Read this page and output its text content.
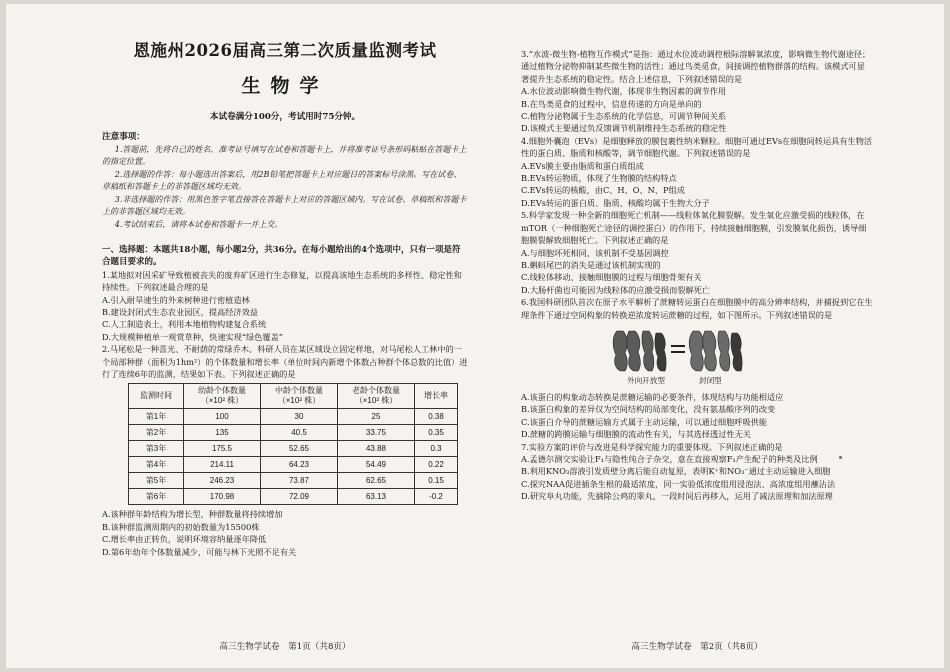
恩施州2026届高三第二次质量监测考试
生物学
本试卷满分100分，考试用时75分钟。
注意事项：

1.答题前，先将自己的姓名、准考证号填写在试卷和答题卡上，并将准考证号条形码粘贴在答题卡上的指定位置。

2.选择题的作答：每小题选出答案后，用2B铅笔把答题卡上对应题目的答案标号涂黑。写在试卷、草稿纸和答题卡上的非答题区域均无效。

3.非选择题的作答：用黑色签字笔直接答在答题卡上对应的答题区域内。写在试卷、草稿纸和答题卡上的非答题区域均无效。

4.考试结束后，请将本试卷和答题卡一并上交。

一、选择题：本题共18小题，每小题2分，共36分。在每小题给出的4个选项中，只有一项是符合题目要求的。

1.某地拟对因采矿导致植被丧失的废弃矿区进行生态修复，以提高该地生态系统的多样性、稳定性和持续性。下列叙述最合理的是

A.引入耐旱速生的外来树种进行密植造林

B.建设封闭式生态农业园区，提高经济效益

C.人工制造表土，利用本地植物构建复合系统

D.大规模种植单一观赏草种，快速实现“绿色覆盖”

2.马尾松是一种喜光、不耐荫的常绿乔木。科研人员在某区域设立固定样地，对马尾松人工林中的一个局部种群（面积为1hm²）的个体数量和增长率（单位时间内新增个体数占种群个体总数的比值）进行了连续6年的监测，结果如下表。下列叙述正确的是

监测时间	幼龄个体数量（×10² 株）	中龄个体数量（×10² 株）	老龄个体数量（×10² 株）	增长率
第1年	100	30	25	0.38
第2年	135	40.5	33.75	0.35
第3年	175.5	52.65	43.88	0.3
第4年	214.11	64.23	54.49	0.22
第5年	246.23	73.87	62.65	0.15
第6年	170.98	72.09	63.13	-0.2

A.该种群年龄结构为增长型，种群数量将持续增加

B.该种群监测周期内的初始数量为15500株

C.增长率由正转负，说明环境容纳量逐年降低

D.第6年幼年个体数量减少，可能与林下光照不足有关

高三生物学试卷　第1页（共8页）

3.“水波-微生物-植物互作模式”是指：通过水位波动调控根际溶解氧浓度，影响微生物代谢途径；通过植物分泌物抑制某些微生物的活性；通过鸟类觅食，间接调控植物群落的结构。该模式可显著提升生态系统的稳定性。结合上述信息，下列叙述错误的是

A.水位波动影响微生物代谢，体现非生物因素的调节作用

B.在鸟类觅食的过程中，信息传递的方向是单向的

C.植物分泌物属于生态系统的化学信息，可调节种间关系

D.该模式主要通过负反馈调节机制维持生态系统的稳定性

4.细胞外囊泡（EVs）是细胞释放的膜包裹性纳米颗粒。细胞可通过EVs在细胞间转运具有生物活性的蛋白质、脂质和核酸等，调节细胞代谢。下列叙述错误的是

A.EVs膜主要由脂质和蛋白质组成

B.EVs转运物质，体现了生物膜的结构特点

C.EVs转运的核酸，由C、H、O、N、P组成

D.EVs转运的蛋白质、脂质、核酸均属于生物大分子

5.科学家发现一种全新的细胞死亡机制——线粒体氧化膜裂解。发生氧化应激受损的线粒体，在mTOR（一种细胞死亡途径的调控蛋白）的作用下，持续接触细胞膜，引发膜氧化损伤，诱导细胞膜裂解致细胞死亡。下列叙述正确的是

A.与细胞坏死相同，该机制不受基因调控

B.蝌蚪尾巴的消失是通过该机制实现的

C.线粒体移动、接触细胞膜的过程与细胞骨架有关

D.大肠杆菌也可能因为线粒体的应激受损而裂解死亡

6.我国科研团队首次在原子水平解析了蔗糖转运蛋白在细胞膜中的高分辨率结构，并捕捉到它在生理条件下通过空间构象的转换逆浓度转运蔗糖的过程，如下图所示。下列叙述错误的是

外向开放型	封闭型

A.该蛋白的构象动态转换是蔗糖运输的必要条件，体现结构与功能相适应

B.该蛋白构象的差异仅为空间结构的局部变化，没有氨基酸序列的改变

C.该蛋白介导的蔗糖运输方式属于主动运输，可以通过细胞呼吸供能

D.蔗糖的跨膜运输与细胞膜的流动性有关，与其选择透过性无关

7.实验方案的评价与改进是科学探究能力的重要体现。下列叙述正确的是

A.孟德尔测交实验让F₁与隐性纯合子杂交，意在直接观察F₁产生配子的种类及比例

B.利用KNO₃溶液引发质壁分离后能自动复原，表明K⁺和NO₃⁻通过主动运输进入细胞

C.探究NAA促进插条生根的最适浓度，同一实验低浓度组用浸泡法、高浓度组用蘸沾法

D.研究阜丸功能，先摘除公鸡的睾丸，一段时间后再移入，运用了减法原理和加法原理

高三生物学试卷　第2页（共8页）
